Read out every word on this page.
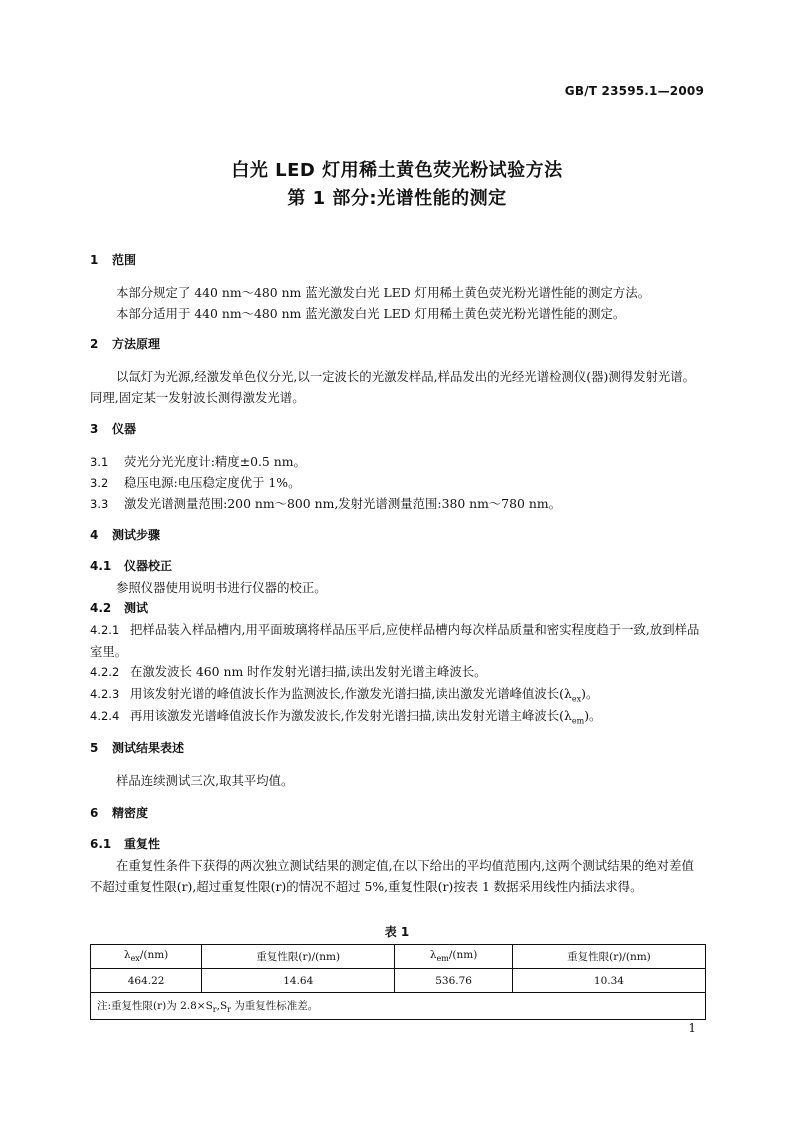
GB/T 23595.1—2009
白光 LED 灯用稀土黄色荧光粉试验方法
第 1 部分:光谱性能的测定
1 范围
本部分规定了 440 nm～480 nm 蓝光激发白光 LED 灯用稀土黄色荧光粉光谱性能的测定方法。
本部分适用于 440 nm～480 nm 蓝光激发白光 LED 灯用稀土黄色荧光粉光谱性能的测定。
2 方法原理
以氙灯为光源,经激发单色仪分光,以一定波长的光激发样品,样品发出的光经光谱检测仪(器)测得发射光谱。同理,固定某一发射波长测得激发光谱。
3 仪器
3.1 荧光分光光度计:精度±0.5 nm。
3.2 稳压电源:电压稳定度优于 1%。
3.3 激发光谱测量范围:200 nm～800 nm,发射光谱测量范围:380 nm～780 nm。
4 测试步骤
4.1 仪器校正
参照仪器使用说明书进行仪器的校正。
4.2 测试
4.2.1 把样品装入样品槽内,用平面玻璃将样品压平后,应使样品槽内每次样品质量和密实程度趋于一致,放到样品室里。
4.2.2 在激发波长 460 nm 时作发射光谱扫描,读出发射光谱主峰波长。
4.2.3 用该发射光谱的峰值波长作为监测波长,作激发光谱扫描,读出激发光谱峰值波长$(\lambda_{ex})$。
4.2.4 再用该激发光谱峰值波长作为激发波长,作发射光谱扫描,读出发射光谱主峰波长$(\lambda_{em})$。
5 测试结果表述
样品连续测试三次,取其平均值。
6 精密度
6.1 重复性
在重复性条件下获得的两次独立测试结果的测定值,在以下给出的平均值范围内,这两个测试结果的绝对差值不超过重复性限(r),超过重复性限(r)的情况不超过 5%,重复性限(r)按表 1 数据采用线性内插法求得。
表 1
$\lambda_{ex}/(nm)$	重复性限(r)/(nm)	$\lambda_{em}/(nm)$	重复性限(r)/(nm)
464.22	14.64	536.76	10.34
注:重复性限(r)为 $2.8\times S_r,S_r$ 为重复性标准差。			
1
